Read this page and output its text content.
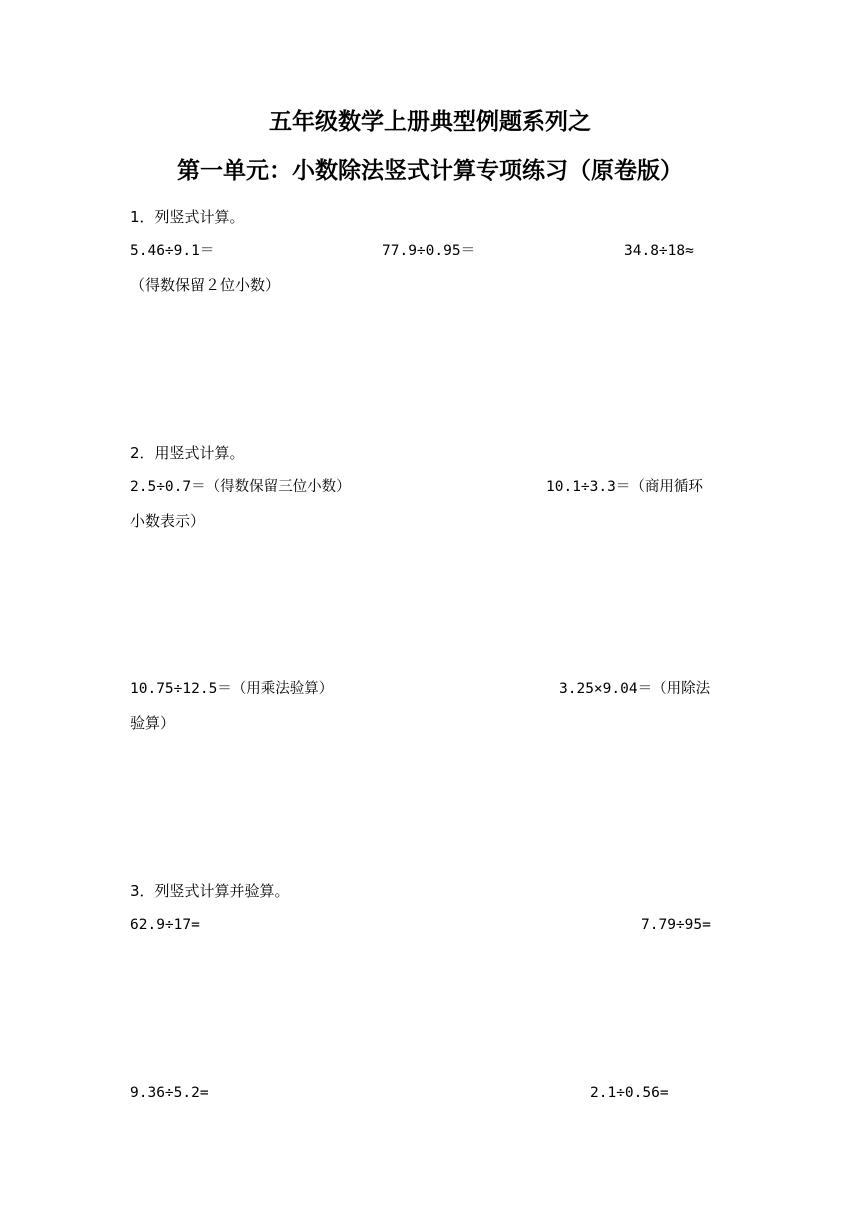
五年级数学上册典型例题系列之
第一单元：小数除法竖式计算专项练习（原卷版）
1．列竖式计算。
5.46÷9.1＝	77.9÷0.95＝	34.8÷18≈
（得数保留２位小数）
2．用竖式计算。
2.5÷0.7＝（得数保留三位小数）	10.1÷3.3＝（商用循环
小数表示）
10.75÷12.5＝（用乘法验算）	3.25×9.04＝（用除法
验算）
3．列竖式计算并验算。
62.9÷17=	7.79÷95=
9.36÷5.2=	2.1÷0.56=
